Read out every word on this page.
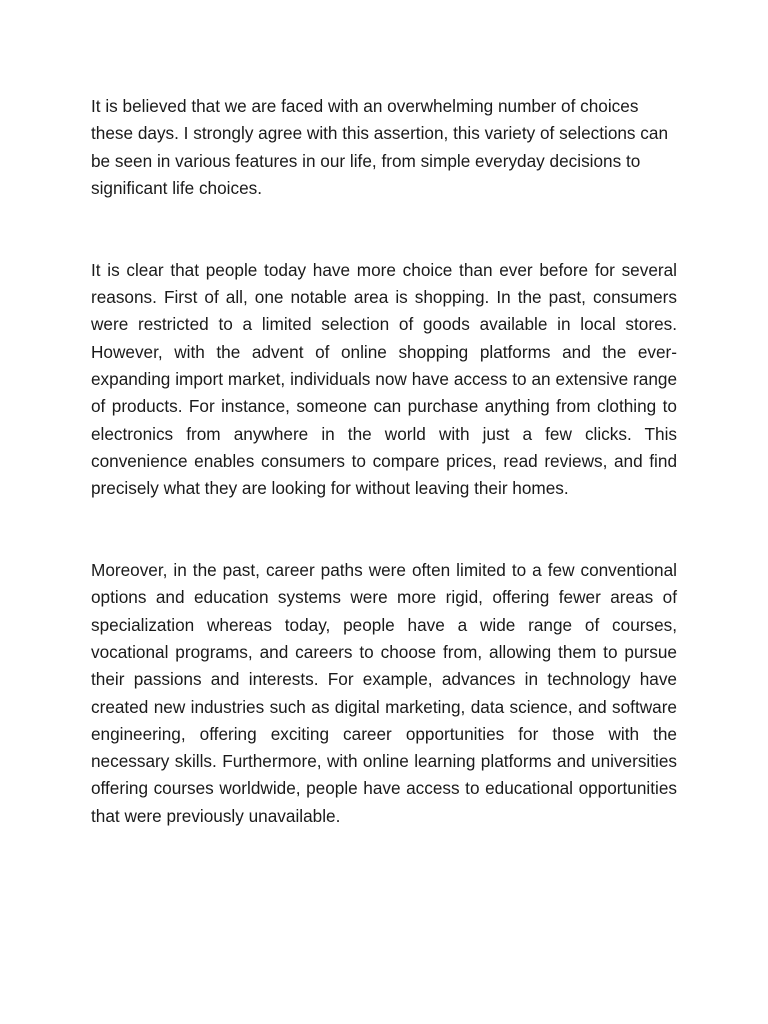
It is believed that we are faced with an overwhelming number of choices these days. I strongly agree with this assertion, this variety of selections can be seen in various features in our life, from simple everyday decisions to significant life choices.

It is clear that people today have more choice than ever before for several reasons. First of all, one notable area is shopping. In the past, consumers were restricted to a limited selection of goods available in local stores. However, with the advent of online shopping platforms and the ever-expanding import market, individuals now have access to an extensive range of products. For instance, someone can purchase anything from clothing to electronics from anywhere in the world with just a few clicks. This convenience enables consumers to compare prices, read reviews, and find precisely what they are looking for without leaving their homes.

Moreover, in the past, career paths were often limited to a few conventional options and education systems were more rigid, offering fewer areas of specialization whereas today, people have a wide range of courses, vocational programs, and careers to choose from, allowing them to pursue their passions and interests. For example, advances in technology have created new industries such as digital marketing, data science, and software engineering, offering exciting career opportunities for those with the necessary skills. Furthermore, with online learning platforms and universities offering courses worldwide, people have access to educational opportunities that were previously unavailable.
